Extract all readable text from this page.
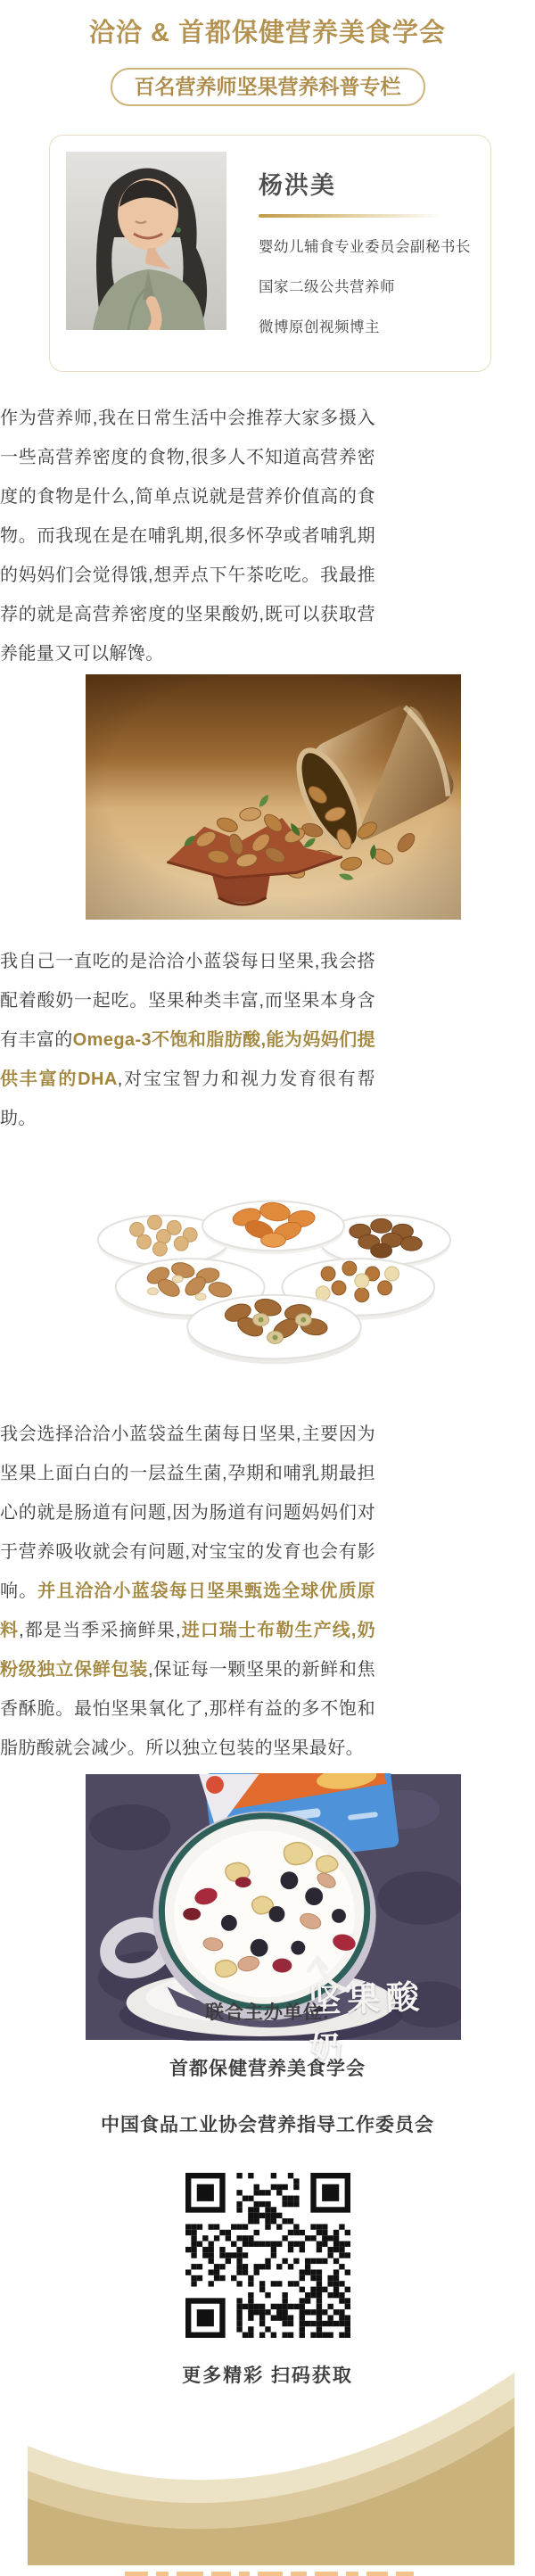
洽洽 & 首都保健营养美食学会
百名营养师坚果营养科普专栏
杨洪美
婴幼儿辅食专业委员会副秘书长
国家二级公共营养师
微博原创视频博主

作为营养师,我在日常生活中会推荐大家多摄入一些高营养密度的食物,很多人不知道高营养密度的食物是什么,简单点说就是营养价值高的食物。而我现在是在哺乳期,很多怀孕或者哺乳期的妈妈们会觉得饿,想弄点下午茶吃吃。我最推荐的就是高营养密度的坚果酸奶,既可以获取营养能量又可以解馋。

我自己一直吃的是洽洽小蓝袋每日坚果,我会搭配着酸奶一起吃。坚果种类丰富,而坚果本身含有丰富的Omega-3不饱和脂肪酸,能为妈妈们提供丰富的DHA,对宝宝智力和视力发育很有帮助。

我会选择洽洽小蓝袋益生菌每日坚果,主要因为坚果上面白白的一层益生菌,孕期和哺乳期最担心的就是肠道有问题,因为肠道有问题妈妈们对于营养吸收就会有问题,对宝宝的发育也会有影响。并且洽洽小蓝袋每日坚果甄选全球优质原料,都是当季采摘鲜果,进口瑞士布勒生产线,奶粉级独立保鲜包装,保证每一颗坚果的新鲜和焦香酥脆。最怕坚果氧化了,那样有益的多不饱和脂肪酸就会减少。所以独立包装的坚果最好。

坚果酸奶
联合主办单位:
首都保健营养美食学会
中国食品工业协会营养指导工作委员会
更多精彩 扫码获取
